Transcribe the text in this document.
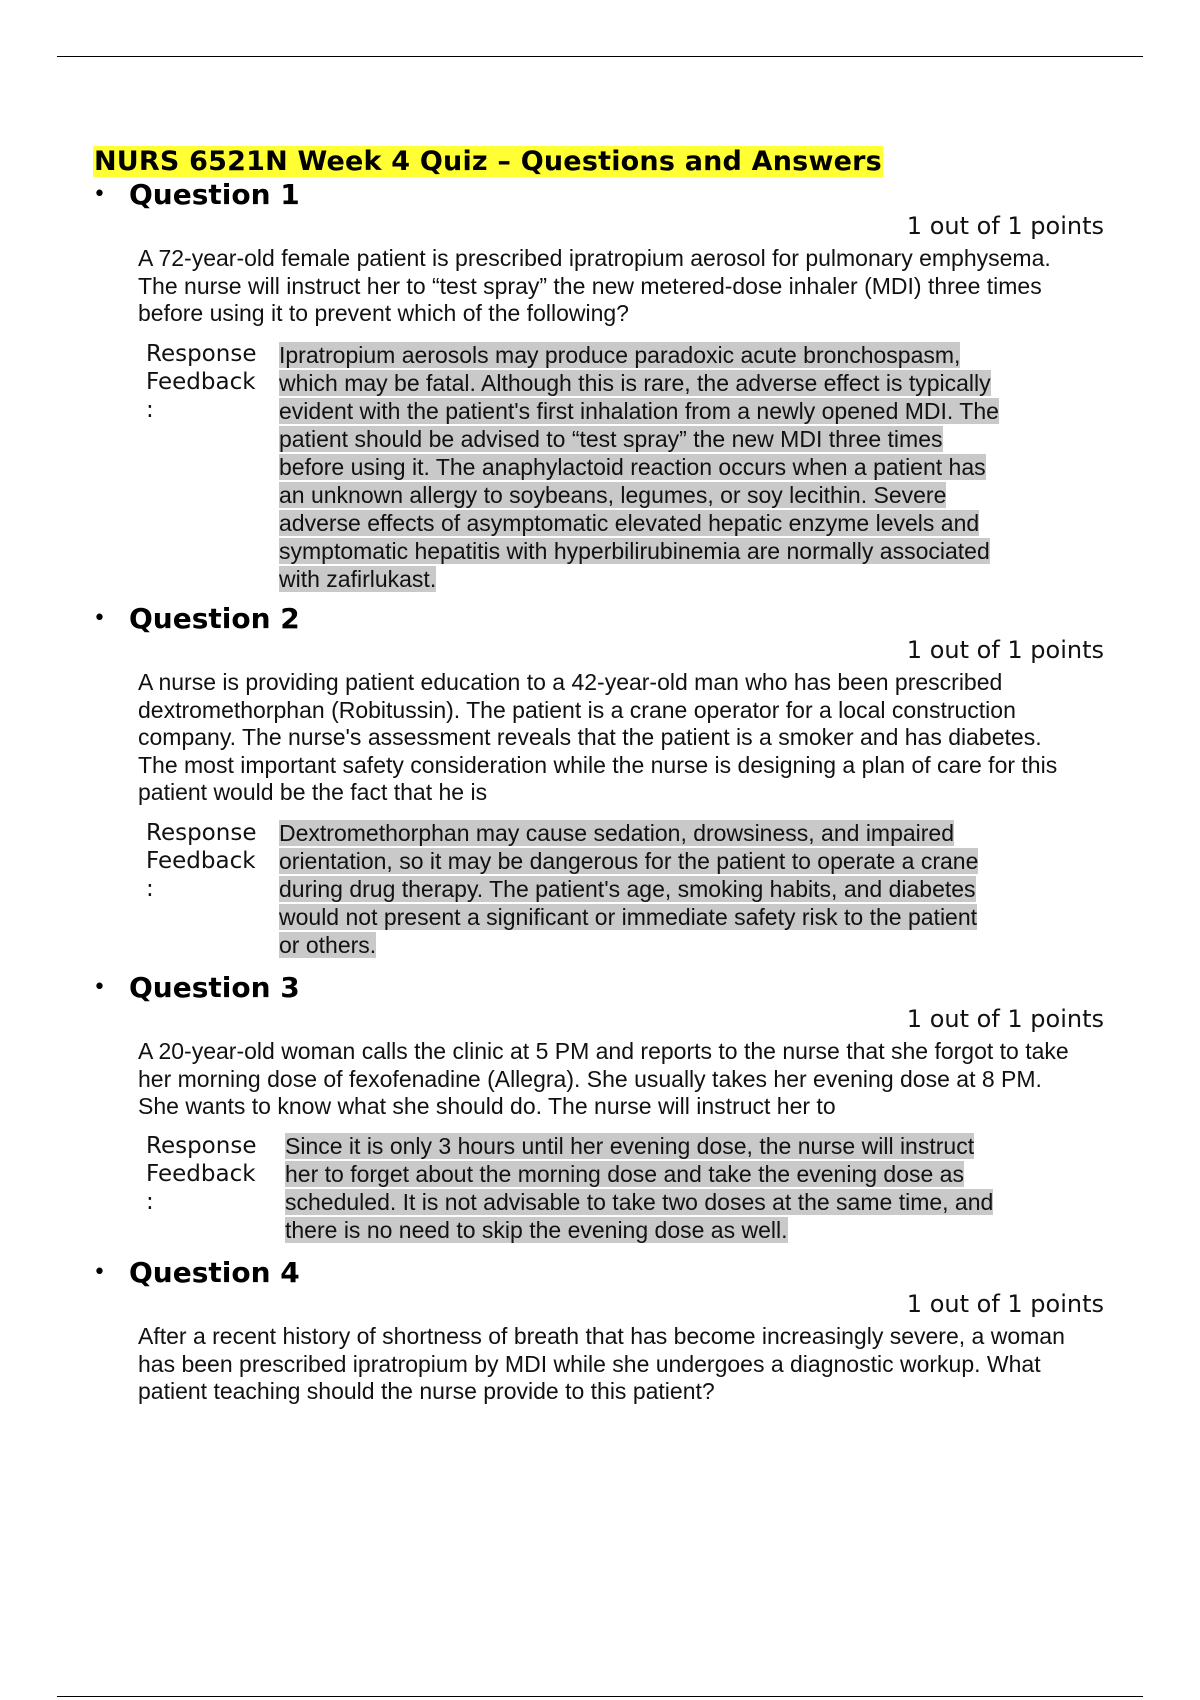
NURS 6521N Week 4 Quiz – Questions and Answers
• Question 1
1 out of 1 points
A 72-year-old female patient is prescribed ipratropium aerosol for pulmonary emphysema. The nurse will instruct her to “test spray” the new metered-dose inhaler (MDI) three times before using it to prevent which of the following?
Response
Feedback
:
Ipratropium aerosols may produce paradoxic acute bronchospasm,
which may be fatal. Although this is rare, the adverse effect is typically
evident with the patient's first inhalation from a newly opened MDI. The
patient should be advised to “test spray” the new MDI three times
before using it. The anaphylactoid reaction occurs when a patient has
an unknown allergy to soybeans, legumes, or soy lecithin. Severe
adverse effects of asymptomatic elevated hepatic enzyme levels and
symptomatic hepatitis with hyperbilirubinemia are normally associated
with zafirlukast.
• Question 2
1 out of 1 points
A nurse is providing patient education to a 42-year-old man who has been prescribed dextromethorphan (Robitussin). The patient is a crane operator for a local construction company. The nurse's assessment reveals that the patient is a smoker and has diabetes. The most important safety consideration while the nurse is designing a plan of care for this patient would be the fact that he is
Response
Feedback
:
Dextromethorphan may cause sedation, drowsiness, and impaired
orientation, so it may be dangerous for the patient to operate a crane
during drug therapy. The patient's age, smoking habits, and diabetes
would not present a significant or immediate safety risk to the patient
or others.
• Question 3
1 out of 1 points
A 20-year-old woman calls the clinic at 5 PM and reports to the nurse that she forgot to take her morning dose of fexofenadine (Allegra). She usually takes her evening dose at 8 PM. She wants to know what she should do. The nurse will instruct her to
Response
Feedback
:
Since it is only 3 hours until her evening dose, the nurse will instruct
her to forget about the morning dose and take the evening dose as
scheduled. It is not advisable to take two doses at the same time, and
there is no need to skip the evening dose as well.
• Question 4
1 out of 1 points
After a recent history of shortness of breath that has become increasingly severe, a woman has been prescribed ipratropium by MDI while she undergoes a diagnostic workup. What patient teaching should the nurse provide to this patient?
